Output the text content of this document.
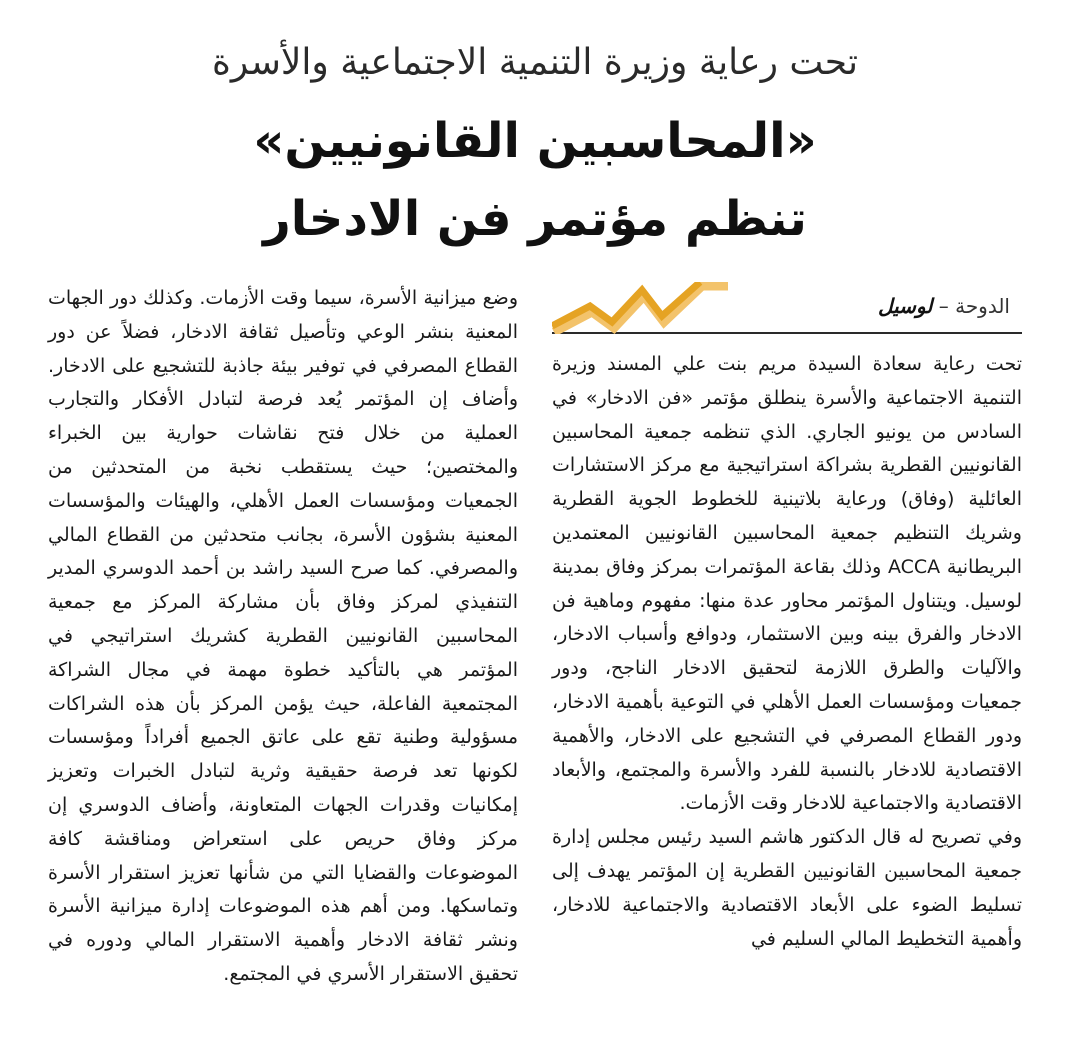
تحت رعاية وزيرة التنمية الاجتماعية والأسرة
«المحاسبين القانونيين»
تنظم مؤتمر فن الادخار
الدوحة – لوسيل

تحت رعاية سعادة السيدة مريم بنت علي المسند وزيرة التنمية الاجتماعية والأسرة ينطلق مؤتمر «فن الادخار» في السادس من يونيو الجاري. الذي تنظمه جمعية المحاسبين القانونيين القطرية بشراكة استراتيجية مع مركز الاستشارات العائلية (وفاق) ورعاية بلاتينية للخطوط الجوية القطرية وشريك التنظيم جمعية المحاسبين القانونيين المعتمدين البريطانية ACCA وذلك بقاعة المؤتمرات بمركز وفاق بمدينة لوسيل. ويتناول المؤتمر محاور عدة منها: مفهوم وماهية فن الادخار والفرق بينه وبين الاستثمار، ودوافع وأسباب الادخار، والآليات والطرق اللازمة لتحقيق الادخار الناجح، ودور جمعيات ومؤسسات العمل الأهلي في التوعية بأهمية الادخار، ودور القطاع المصرفي في التشجيع على الادخار، والأهمية الاقتصادية للادخار بالنسبة للفرد والأسرة والمجتمع، والأبعاد الاقتصادية والاجتماعية للادخار وقت الأزمات.

وفي تصريح له قال الدكتور هاشم السيد رئيس مجلس إدارة جمعية المحاسبين القانونيين القطرية إن المؤتمر يهدف إلى تسليط الضوء على الأبعاد الاقتصادية والاجتماعية للادخار، وأهمية التخطيط المالي السليم في

وضع ميزانية الأسرة، سيما وقت الأزمات. وكذلك دور الجهات المعنية بنشر الوعي وتأصيل ثقافة الادخار، فضلاً عن دور القطاع المصرفي في توفير بيئة جاذبة للتشجيع على الادخار. وأضاف إن المؤتمر يُعد فرصة لتبادل الأفكار والتجارب العملية من خلال فتح نقاشات حوارية بين الخبراء والمختصين؛ حيث يستقطب نخبة من المتحدثين من الجمعيات ومؤسسات العمل الأهلي، والهيئات والمؤسسات المعنية بشؤون الأسرة، بجانب متحدثين من القطاع المالي والمصرفي. كما صرح السيد راشد بن أحمد الدوسري المدير التنفيذي لمركز وفاق بأن مشاركة المركز مع جمعية المحاسبين القانونيين القطرية كشريك استراتيجي في المؤتمر هي بالتأكيد خطوة مهمة في مجال الشراكة المجتمعية الفاعلة، حيث يؤمن المركز بأن هذه الشراكات مسؤولية وطنية تقع على عاتق الجميع أفراداً ومؤسسات لكونها تعد فرصة حقيقية وثرية لتبادل الخبرات وتعزيز إمكانيات وقدرات الجهات المتعاونة، وأضاف الدوسري إن مركز وفاق حريص على استعراض ومناقشة كافة الموضوعات والقضايا التي من شأنها تعزيز استقرار الأسرة وتماسكها. ومن أهم هذه الموضوعات إدارة ميزانية الأسرة ونشر ثقافة الادخار وأهمية الاستقرار المالي ودوره في تحقيق الاستقرار الأسري في المجتمع.
